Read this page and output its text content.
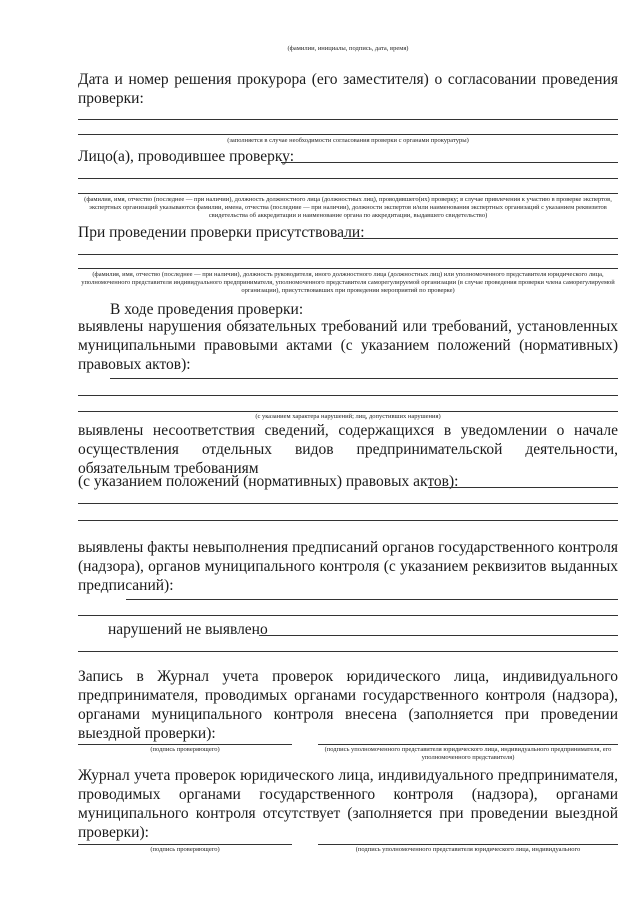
(фамилии, инициалы, подпись, дата, время)
Дата и номер решения прокурора (его заместителя) о согласовании проведения проверки:
(заполняется в случае необходимости согласования проверки с органами прокуратуры)
Лицо(а), проводившее проверку:
(фамилия, имя, отчество (последнее — при наличии), должность должностного лица (должностных лиц), проводившего(их) проверку; в случае привлечения к участию в проверке экспертов, экспертных организаций указываются фамилии, имена, отчества (последние — при наличии), должности экспертов и/или наименования экспертных организаций с указанием реквизитов свидетельства об аккредитации и наименование органа по аккредитации, выдавшего свидетельство)
При проведении проверки присутствовали:
(фамилия, имя, отчество (последнее — при наличии), должность руководителя, иного должностного лица (должностных лиц) или уполномоченного представителя юридического лица, уполномоченного представителя индивидуального предпринимателя, уполномоченного представителя саморегулируемой организации (в случае проведения проверки члена саморегулируемой организации), присутствовавших при проведении мероприятий по проверке)
В ходе проведения проверки:
выявлены нарушения обязательных требований или требований, установленных муниципальными правовыми актами (с указанием положений (нормативных) правовых актов):
(с указанием характера нарушений; лиц, допустивших нарушения)
выявлены несоответствия сведений, содержащихся в уведомлении о начале осуществления отдельных видов предпринимательской деятельности, обязательным требованиям
(с указанием положений (нормативных) правовых актов):
выявлены факты невыполнения предписаний органов государственного контроля (надзора), органов муниципального контроля (с указанием реквизитов выданных предписаний):
нарушений не выявлено
Запись в Журнал учета проверок юридического лица, индивидуального предпринимателя, проводимых органами государственного контроля (надзора), органами муниципального контроля внесена (заполняется при проведении выездной проверки):
(подпись проверяющего)	(подпись уполномоченного представителя юридического лица, индивидуального предпринимателя, его уполномоченного представителя)
Журнал учета проверок юридического лица, индивидуального предпринимателя, проводимых органами государственного контроля (надзора), органами муниципального контроля отсутствует (заполняется при проведении выездной проверки):
(подпись проверяющего)	(подпись уполномоченного представителя юридического лица, индивидуального
